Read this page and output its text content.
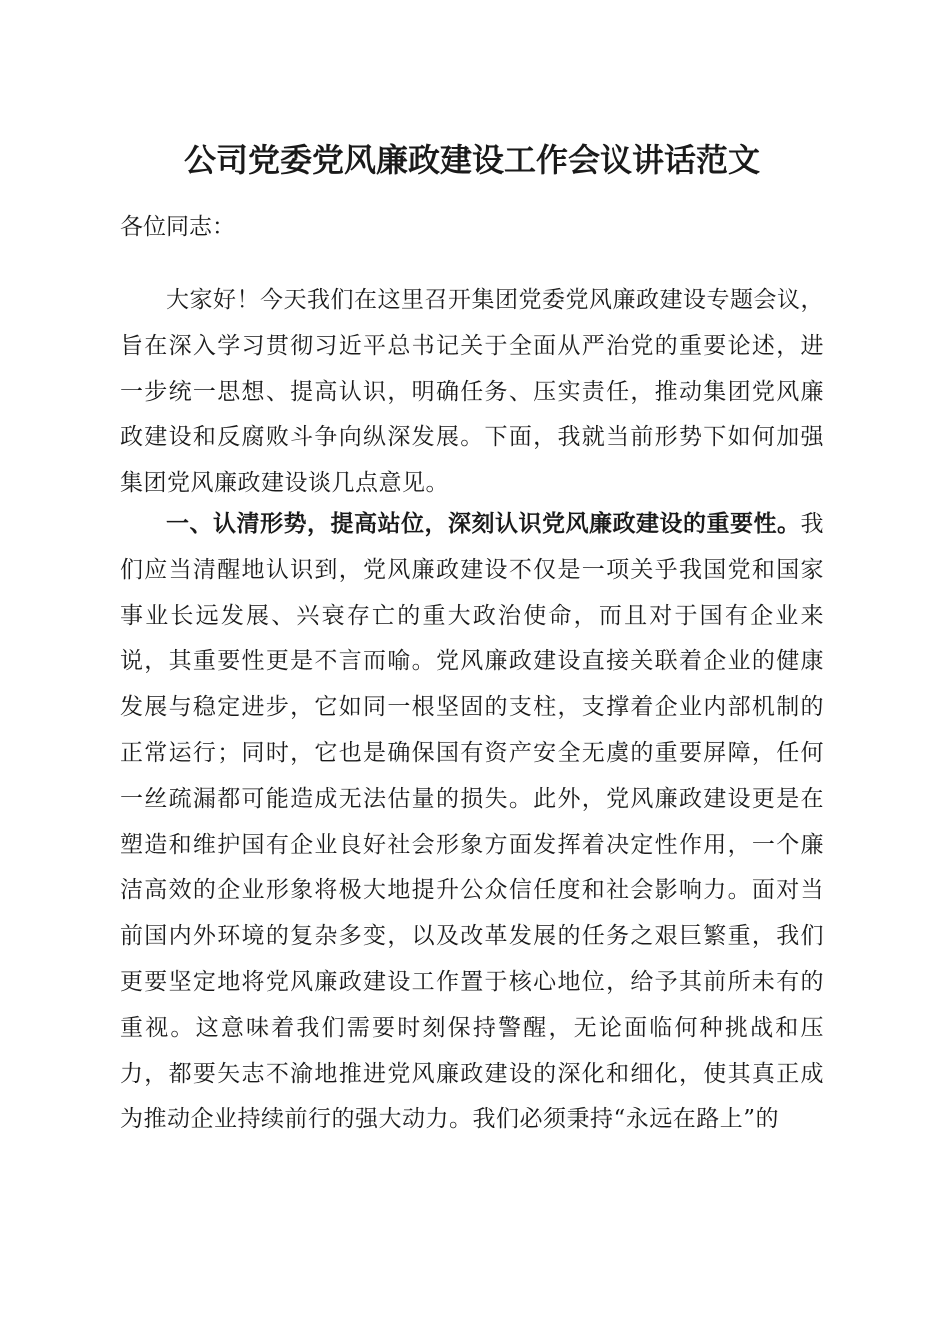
公司党委党风廉政建设工作会议讲话范文

各位同志：

大家好！今天我们在这里召开集团党委党风廉政建设专题会议，旨在深入学习贯彻习近平总书记关于全面从严治党的重要论述，进一步统一思想、提高认识，明确任务、压实责任，推动集团党风廉政建设和反腐败斗争向纵深发展。下面，我就当前形势下如何加强集团党风廉政建设谈几点意见。

一、认清形势，提高站位，深刻认识党风廉政建设的重要性。我们应当清醒地认识到，党风廉政建设不仅是一项关乎我国党和国家事业长远发展、兴衰存亡的重大政治使命，而且对于国有企业来说，其重要性更是不言而喻。党风廉政建设直接关联着企业的健康发展与稳定进步，它如同一根坚固的支柱，支撑着企业内部机制的正常运行；同时，它也是确保国有资产安全无虞的重要屏障，任何一丝疏漏都可能造成无法估量的损失。此外，党风廉政建设更是在塑造和维护国有企业良好社会形象方面发挥着决定性作用，一个廉洁高效的企业形象将极大地提升公众信任度和社会影响力。面对当前国内外环境的复杂多变，以及改革发展的任务之艰巨繁重，我们更要坚定地将党风廉政建设工作置于核心地位，给予其前所未有的重视。这意味着我们需要时刻保持警醒，无论面临何种挑战和压力，都要矢志不渝地推进党风廉政建设的深化和细化，使其真正成为推动企业持续前行的强大动力。我们必须秉持“永远在路上”的
